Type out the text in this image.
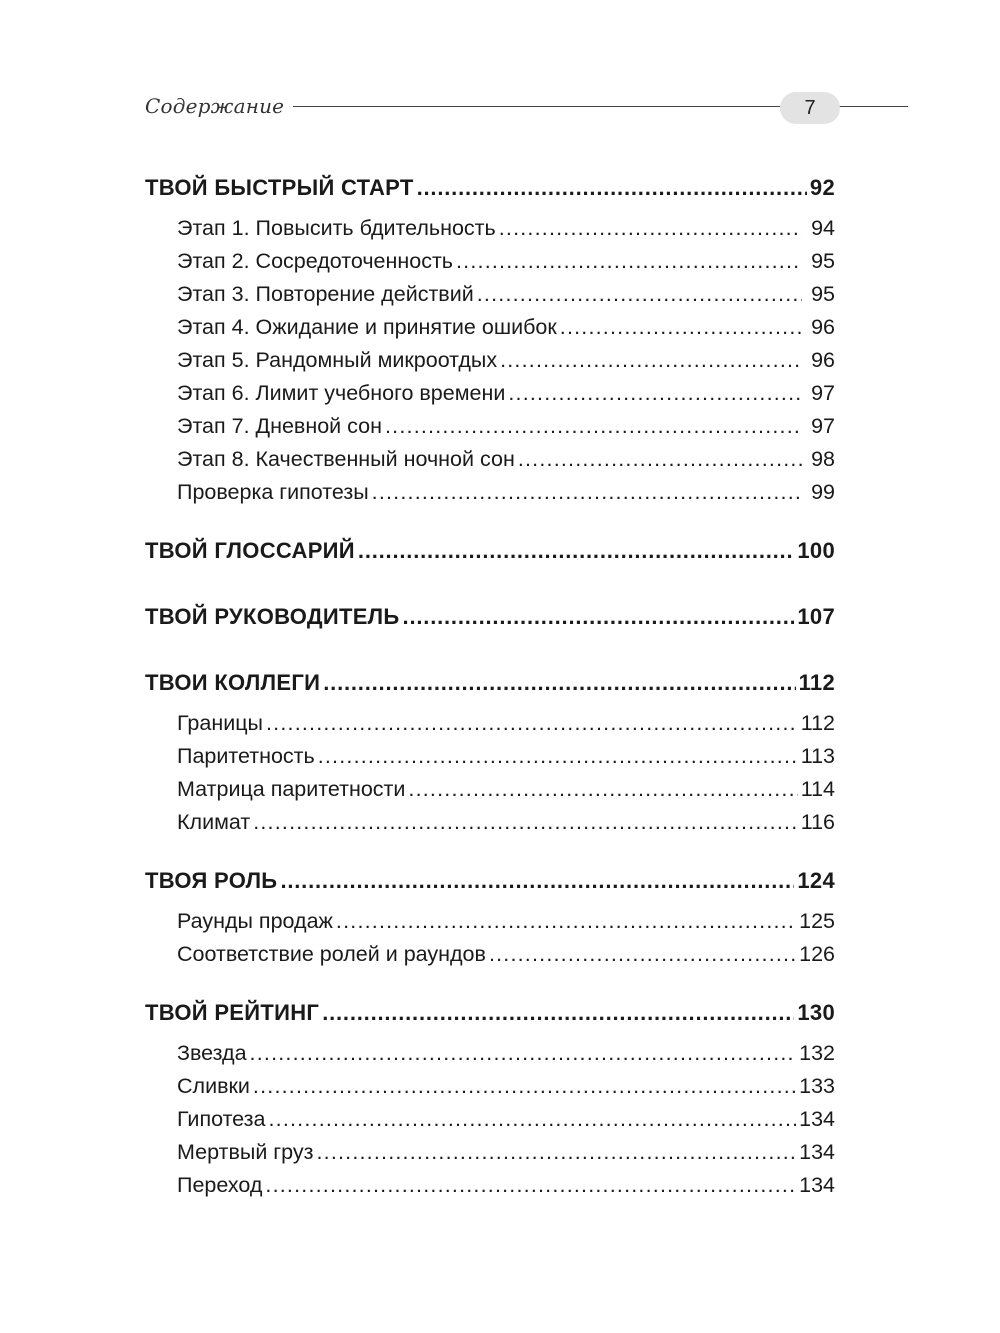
Содержание	7
ТВОЙ БЫСТРЫЙ СТАРТ .....	92
Этап 1. Повысить бдительность .....	94
Этап 2. Сосредоточенность .....	95
Этап 3. Повторение действий .....	95
Этап 4. Ожидание и принятие ошибок .....	96
Этап 5. Рандомный микроотдых .....	96
Этап 6. Лимит учебного времени .....	97
Этап 7. Дневной сон .....	97
Этап 8. Качественный ночной сон .....	98
Проверка гипотезы .....	99
ТВОЙ ГЛОССАРИЙ .....	100
ТВОЙ РУКОВОДИТЕЛЬ .....	107
ТВОИ КОЛЛЕГИ .....	112
Границы .....	112
Паритетность .....	113
Матрица паритетности .....	114
Климат .....	116
ТВОЯ РОЛЬ .....	124
Раунды продаж .....	125
Соответствие ролей и раундов .....	126
ТВОЙ РЕЙТИНГ .....	130
Звезда .....	132
Сливки .....	133
Гипотеза .....	134
Мертвый груз .....	134
Переход .....	134
